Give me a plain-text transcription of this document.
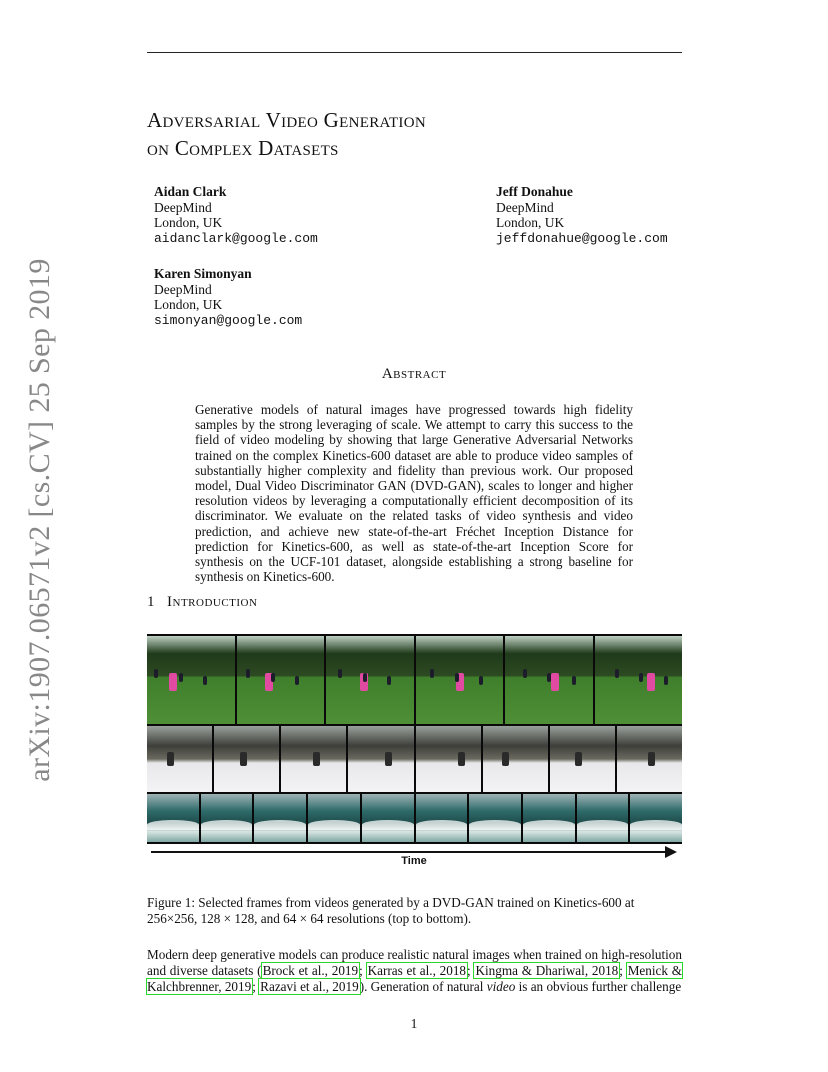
arXiv:1907.06571v2 [cs.CV] 25 Sep 2019
Adversarial Video Generation
on Complex Datasets
Aidan Clark
DeepMind
London, UK
aidanclark@google.com
Jeff Donahue
DeepMind
London, UK
jeffdonahue@google.com
Karen Simonyan
DeepMind
London, UK
simonyan@google.com
Abstract
Generative models of natural images have progressed towards high fidelity samples by the strong leveraging of scale. We attempt to carry this success to the field of video modeling by showing that large Generative Adversarial Networks trained on the complex Kinetics-600 dataset are able to produce video samples of substantially higher complexity and fidelity than previous work. Our proposed model, Dual Video Discriminator GAN (DVD-GAN), scales to longer and higher resolution videos by leveraging a computationally efficient decomposition of its discriminator. We evaluate on the related tasks of video synthesis and video prediction, and achieve new state-of-the-art Fréchet Inception Distance for prediction for Kinetics-600, as well as state-of-the-art Inception Score for synthesis on the UCF-101 dataset, alongside establishing a strong baseline for synthesis on Kinetics-600.
1 Introduction
Time
Figure 1: Selected frames from videos generated by a DVD-GAN trained on Kinetics-600 at 256×256, 128 × 128, and 64 × 64 resolutions (top to bottom).
Modern deep generative models can produce realistic natural images when trained on high-resolution and diverse datasets (Brock et al., 2019; Karras et al., 2018; Kingma & Dhariwal, 2018; Menick & Kalchbrenner, 2019; Razavi et al., 2019). Generation of natural video is an obvious further challenge
1
